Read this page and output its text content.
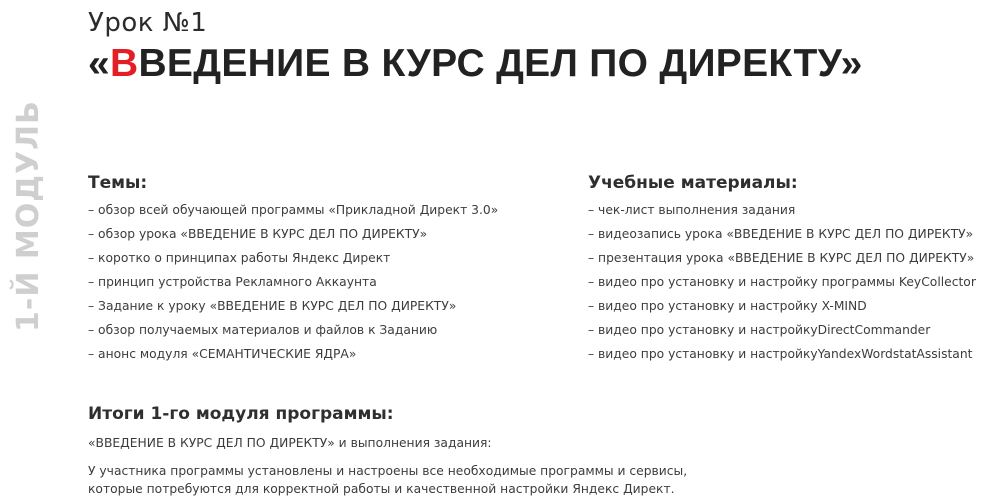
1-Й МОДУЛЬ
Урок №1
«ВВЕДЕНИЕ В КУРС ДЕЛ ПО ДИРЕКТУ»
Темы:
– обзор всей обучающей программы «Прикладной Директ 3.0»
– обзор урока «ВВЕДЕНИЕ В КУРС ДЕЛ ПО ДИРЕКТУ»
– коротко о принципах работы Яндекс Директ
– принцип устройства Рекламного Аккаунта
– Задание к уроку «ВВЕДЕНИЕ В КУРС ДЕЛ ПО ДИРЕКТУ»
– обзор получаемых материалов и файлов к Заданию
– анонс модуля «СЕМАНТИЧЕСКИЕ ЯДРА»
Учебные материалы:
– чек-лист выполнения задания
– видеозапись урока «ВВЕДЕНИЕ В КУРС ДЕЛ ПО ДИРЕКТУ»
– презентация урока «ВВЕДЕНИЕ В КУРС ДЕЛ ПО ДИРЕКТУ»
– видео про установку и настройку программы KeyCollector
– видео про установку и настройку X-MIND
– видео про установку и настройкуDirectCommander
– видео про установку и настройкуYandexWordstatAssistant
Итоги 1-го модуля программы:

«ВВЕДЕНИЕ В КУРС ДЕЛ ПО ДИРЕКТУ» и выполнения задания:

У участника программы установлены и настроены все необходимые программы и сервисы,

которые потребуются для корректной работы и качественной настройки Яндекс Директ.
